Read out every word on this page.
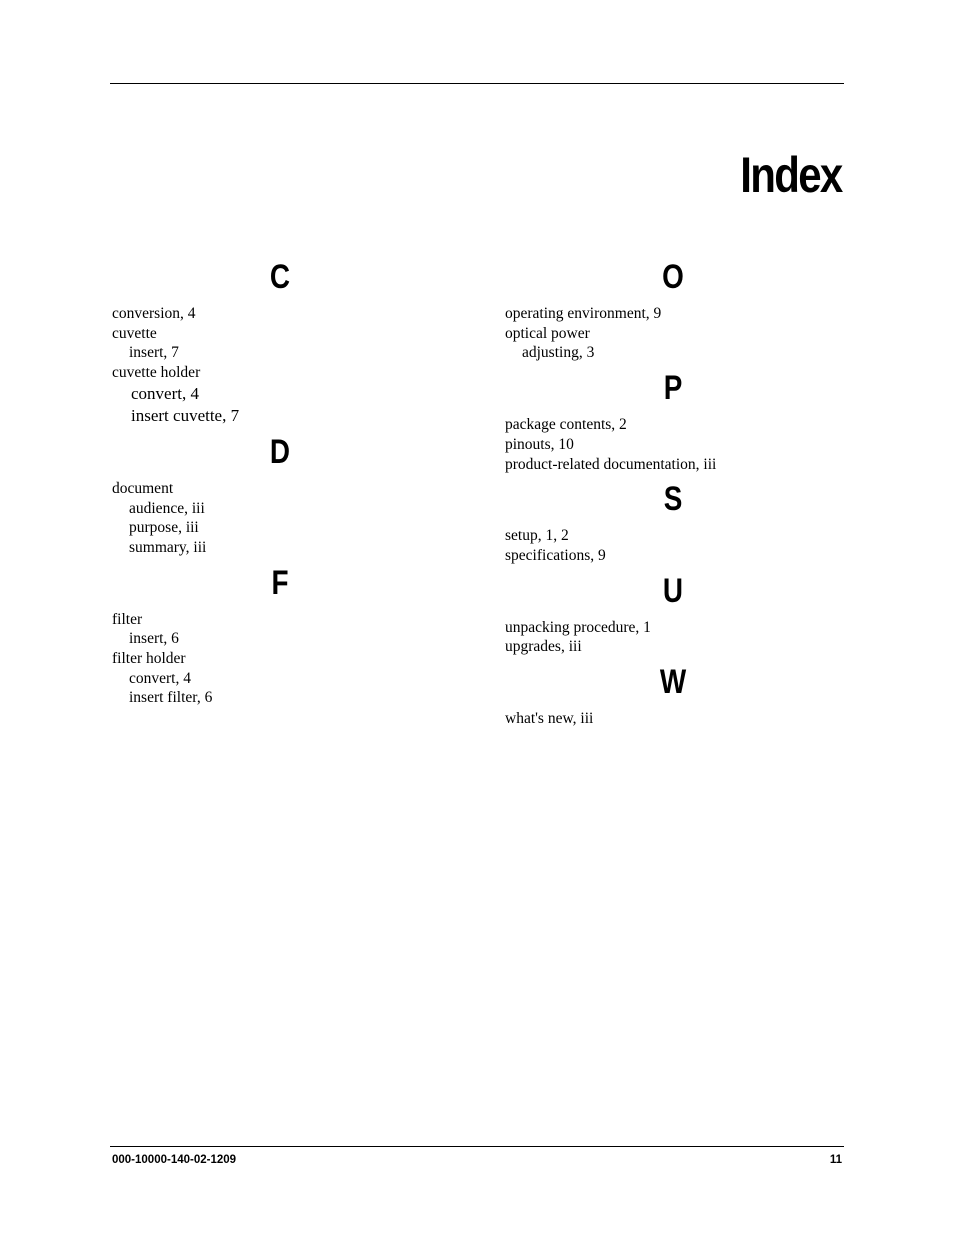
Index
C
conversion, 4
cuvette
insert, 7
cuvette holder
convert, 4
insert cuvette, 7
D
document
audience, iii
purpose, iii
summary, iii
F
filter
insert, 6
filter holder
convert, 4
insert filter, 6
O
operating environment, 9
optical power
adjusting, 3
P
package contents, 2
pinouts, 10
product-related documentation, iii
S
setup, 1, 2
specifications, 9
U
unpacking procedure, 1
upgrades, iii
W
what's new, iii
000-10000-140-02-1209	11
